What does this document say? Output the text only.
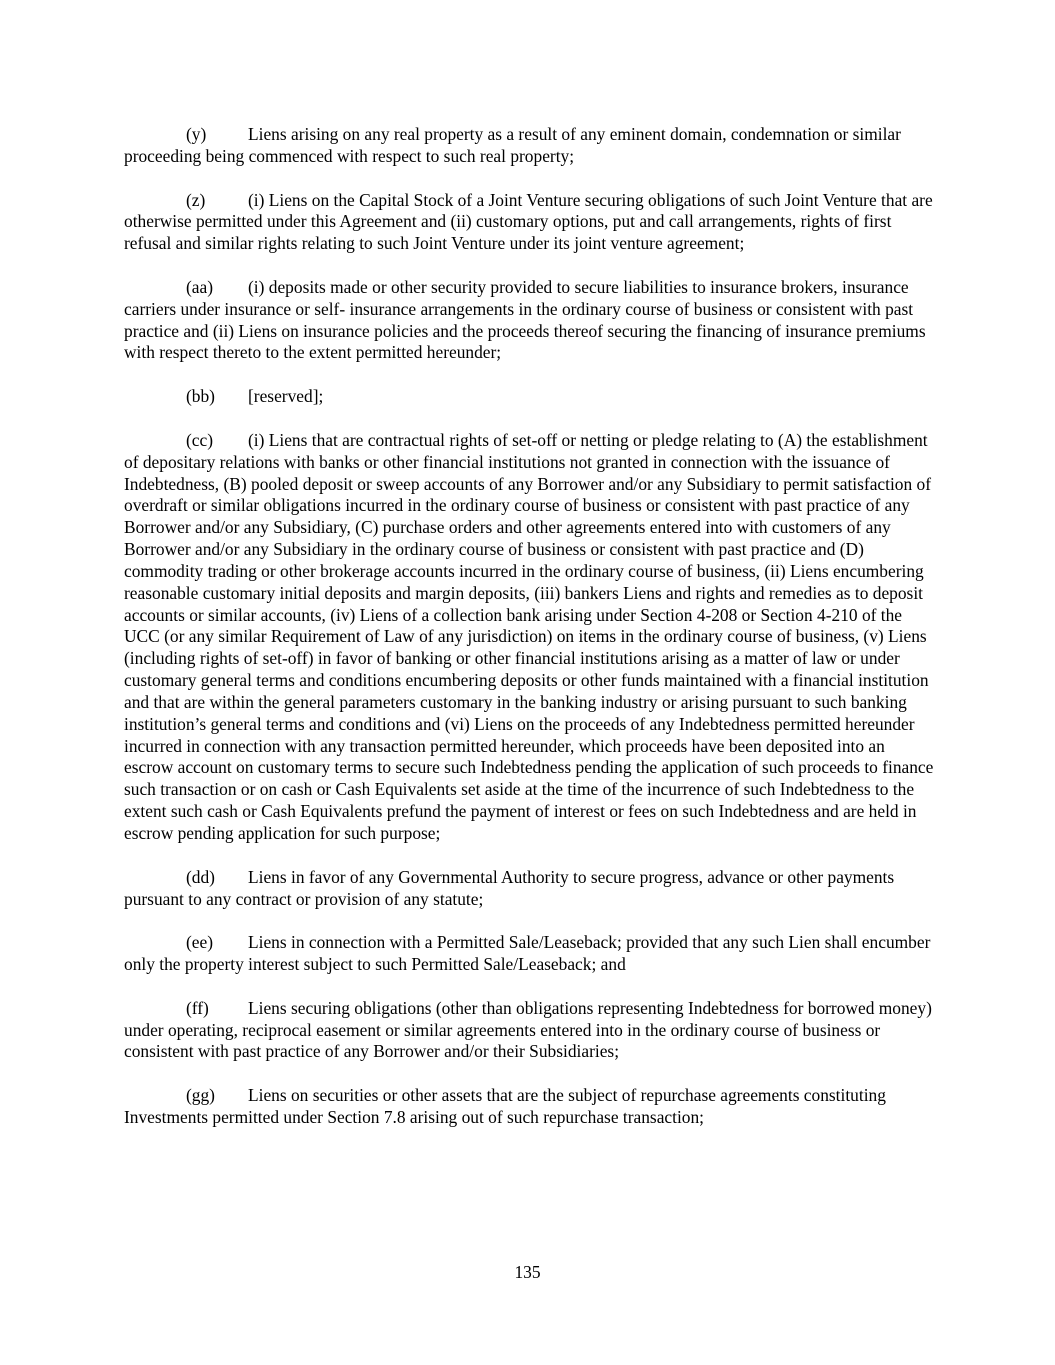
(y) Liens arising on any real property as a result of any eminent domain, condemnation or similar proceeding being commenced with respect to such real property;

(z) (i) Liens on the Capital Stock of a Joint Venture securing obligations of such Joint Venture that are otherwise permitted under this Agreement and (ii) customary options, put and call arrangements, rights of first refusal and similar rights relating to such Joint Venture under its joint venture agreement;

(aa) (i) deposits made or other security provided to secure liabilities to insurance brokers, insurance carriers under insurance or self- insurance arrangements in the ordinary course of business or consistent with past practice and (ii) Liens on insurance policies and the proceeds thereof securing the financing of insurance premiums with respect thereto to the extent permitted hereunder;

(bb) [reserved];

(cc) (i) Liens that are contractual rights of set-off or netting or pledge relating to (A) the establishment of depositary relations with banks or other financial institutions not granted in connection with the issuance of Indebtedness, (B) pooled deposit or sweep accounts of any Borrower and/or any Subsidiary to permit satisfaction of overdraft or similar obligations incurred in the ordinary course of business or consistent with past practice of any Borrower and/or any Subsidiary, (C) purchase orders and other agreements entered into with customers of any Borrower and/or any Subsidiary in the ordinary course of business or consistent with past practice and (D) commodity trading or other brokerage accounts incurred in the ordinary course of business, (ii) Liens encumbering reasonable customary initial deposits and margin deposits, (iii) bankers Liens and rights and remedies as to deposit accounts or similar accounts, (iv) Liens of a collection bank arising under Section 4-208 or Section 4-210 of the UCC (or any similar Requirement of Law of any jurisdiction) on items in the ordinary course of business, (v) Liens (including rights of set-off) in favor of banking or other financial institutions arising as a matter of law or under customary general terms and conditions encumbering deposits or other funds maintained with a financial institution and that are within the general parameters customary in the banking industry or arising pursuant to such banking institution’s general terms and conditions and (vi) Liens on the proceeds of any Indebtedness permitted hereunder incurred in connection with any transaction permitted hereunder, which proceeds have been deposited into an escrow account on customary terms to secure such Indebtedness pending the application of such proceeds to finance such transaction or on cash or Cash Equivalents set aside at the time of the incurrence of such Indebtedness to the extent such cash or Cash Equivalents prefund the payment of interest or fees on such Indebtedness and are held in escrow pending application for such purpose;

(dd) Liens in favor of any Governmental Authority to secure progress, advance or other payments pursuant to any contract or provision of any statute;

(ee) Liens in connection with a Permitted Sale/Leaseback; provided that any such Lien shall encumber only the property interest subject to such Permitted Sale/Leaseback; and

(ff) Liens securing obligations (other than obligations representing Indebtedness for borrowed money) under operating, reciprocal easement or similar agreements entered into in the ordinary course of business or consistent with past practice of any Borrower and/or their Subsidiaries;

(gg) Liens on securities or other assets that are the subject of repurchase agreements constituting Investments permitted under Section 7.8 arising out of such repurchase transaction;

135
